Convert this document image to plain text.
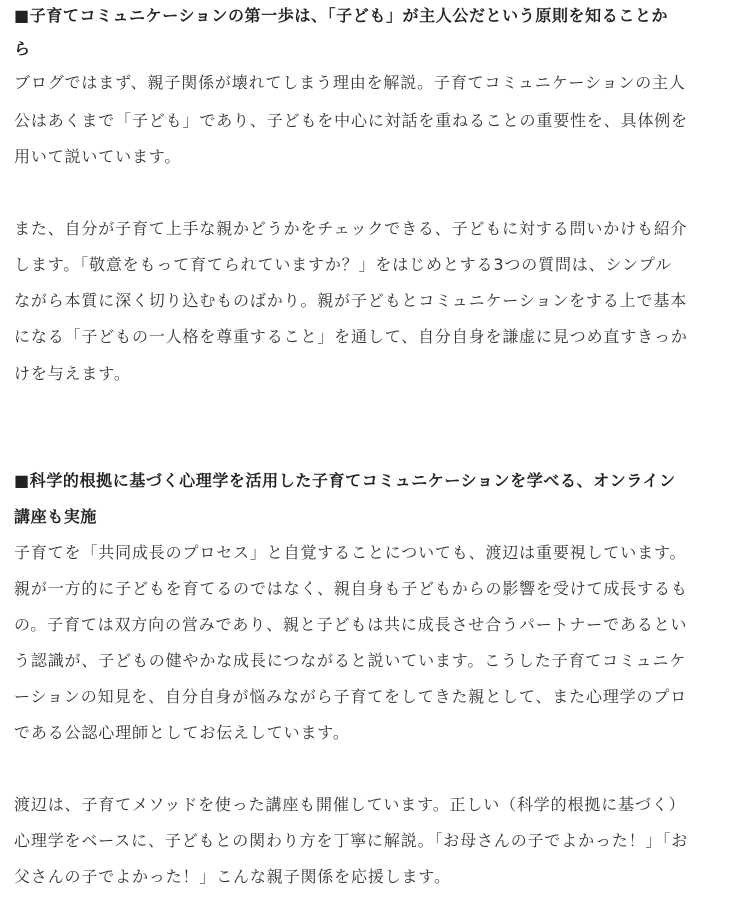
■子育てコミュニケーションの第一歩は、「子ども」が主人公だという原則を知ることか
ら
ブログではまず、親子関係が壊れてしまう理由を解説。子育てコミュニケーションの主人
公はあくまで「子ども」であり、子どもを中心に対話を重ねることの重要性を、具体例を
用いて説いています。
また、自分が子育て上手な親かどうかをチェックできる、子どもに対する問いかけも紹介
します。「敬意をもって育てられていますか？」をはじめとする3つの質問は、シンプル
ながら本質に深く切り込むものばかり。親が子どもとコミュニケーションをする上で基本
になる「子どもの一人格を尊重すること」を通して、自分自身を謙虚に見つめ直すきっか
けを与えます。
■科学的根拠に基づく心理学を活用した子育てコミュニケーションを学べる、オンライン
講座も実施
子育てを「共同成長のプロセス」と自覚することについても、渡辺は重要視しています。
親が一方的に子どもを育てるのではなく、親自身も子どもからの影響を受けて成長するも
の。子育ては双方向の営みであり、親と子どもは共に成長させ合うパートナーであるとい
う認識が、子どもの健やかな成長につながると説いています。こうした子育てコミュニケ
ーションの知見を、自分自身が悩みながら子育てをしてきた親として、また心理学のプロ
である公認心理師としてお伝えしています。
渡辺は、子育てメソッドを使った講座も開催しています。正しい（科学的根拠に基づく）
心理学をベースに、子どもとの関わり方を丁寧に解説。「お母さんの子でよかった！」「お
父さんの子でよかった！」こんな親子関係を応援します。
